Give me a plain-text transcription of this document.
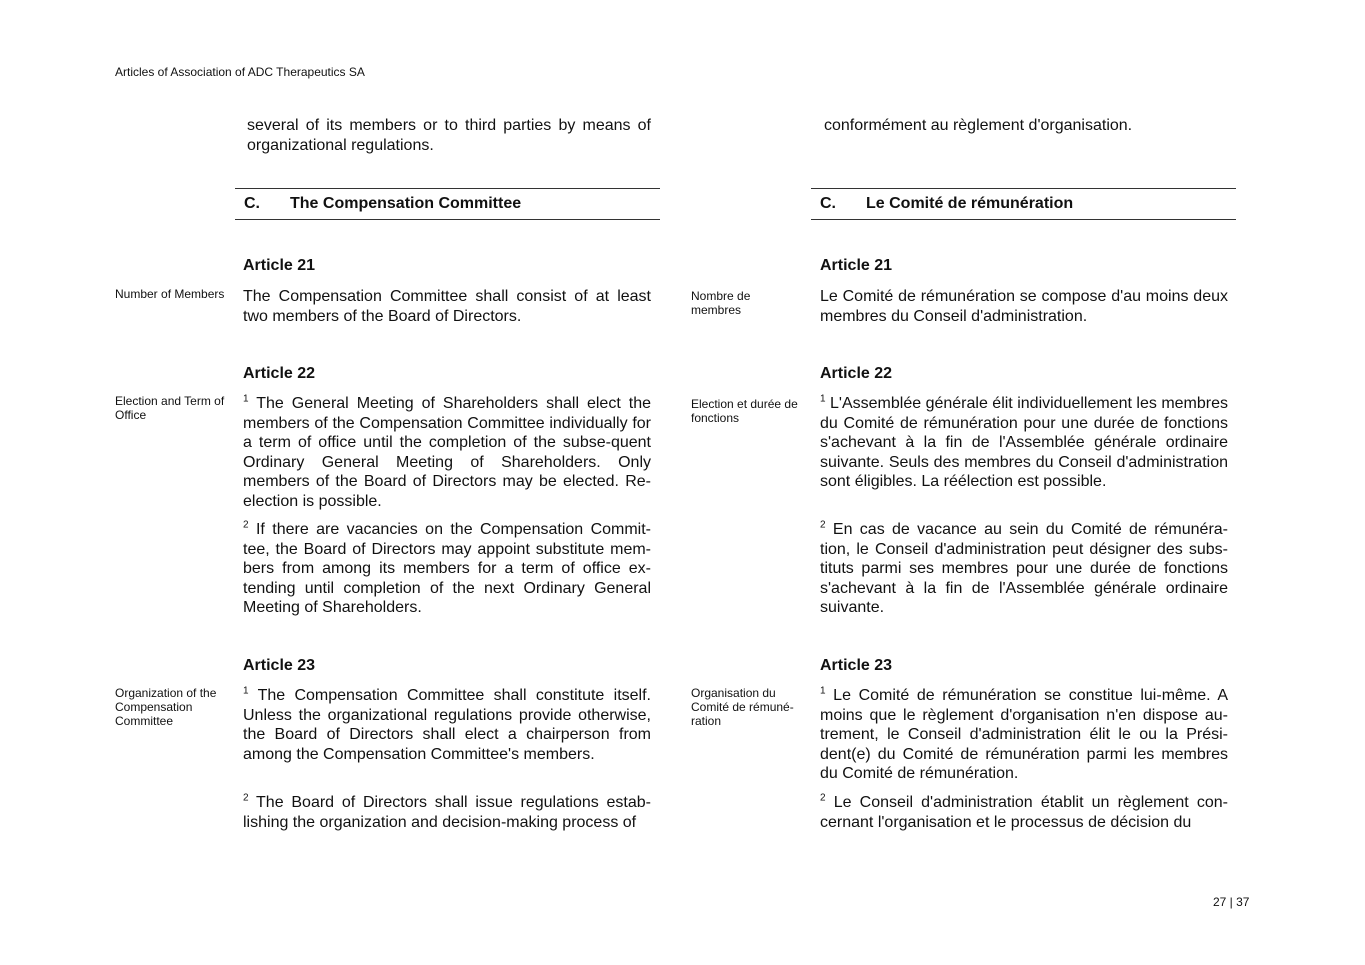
Articles of Association of ADC Therapeutics SA
several of its members or to third parties by means of organizational regulations.
C.	The Compensation Committee
Article 21
Number of Members	The Compensation Committee shall consist of at least two members of the Board of Directors.
Article 22
Election and Term of Office
$^1$ The General Meeting of Shareholders shall elect the members of the Compensation Committee individually for a term of office until the completion of the subse-quent Ordinary General Meeting of Shareholders. Only members of the Board of Directors may be elected. Re-election is possible.
$^2$ If there are vacancies on the Compensation Commit-tee, the Board of Directors may appoint substitute mem-bers from among its members for a term of office ex-tending until completion of the next Ordinary General Meeting of Shareholders.
Article 23
Organization of the Compensation Committee
$^1$ The Compensation Committee shall constitute itself. Unless the organizational regulations provide otherwise, the Board of Directors shall elect a chairperson from among the Compensation Committee's members.
$^2$ The Board of Directors shall issue regulations estab-lishing the organization and decision-making process of
conformément au règlement d'organisation.
C.	Le Comité de rémunération
Article 21
Nombre de membres
Le Comité de rémunération se compose d'au moins deux membres du Conseil d'administration.
Article 22
Election et durée de fonctions
$^1$ L'Assemblée générale élit individuellement les membres du Comité de rémunération pour une durée de fonctions s'achevant à la fin de l'Assemblée générale ordinaire suivante. Seuls des membres du Conseil d'administration sont éligibles. La réélection est possible.
$^2$ En cas de vacance au sein du Comité de rémunéra-tion, le Conseil d'administration peut désigner des subs-tituts parmi ses membres pour une durée de fonctions s'achevant à la fin de l'Assemblée générale ordinaire suivante.
Article 23
Organisation du Comité de rémuné-ration
$^1$ Le Comité de rémunération se constitue lui-même. A moins que le règlement d'organisation n'en dispose au-trement, le Conseil d'administration élit le ou la Prési-dent(e) du Comité de rémunération parmi les membres du Comité de rémunération.
$^2$ Le Conseil d'administration établit un règlement con-cernant l'organisation et le processus de décision du
27 | 37
